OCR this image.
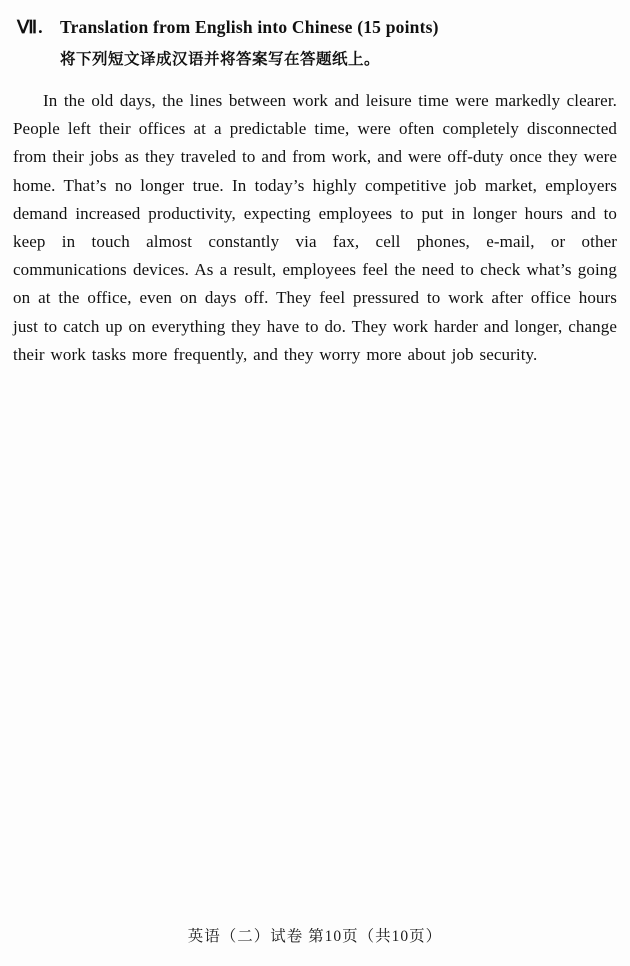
Ⅶ. Translation from English into Chinese (15 points)
将下列短文译成汉语并将答案写在答题纸上。

In the old days, the lines between work and leisure time were markedly clearer. People left their offices at a predictable time, were often completely disconnected from their jobs as they traveled to and from work, and were off-duty once they were home. That’s no longer true. In today’s highly competitive job market, employers demand increased productivity, expecting employees to put in longer hours and to keep in touch almost constantly via fax, cell phones, e-mail, or other communications devices. As a result, employees feel the need to check what’s going on at the office, even on days off. They feel pressured to work after office hours just to catch up on everything they have to do. They work harder and longer, change their work tasks more frequently, and they worry more about job security.

英语（二）试卷 第10页（共10页）
